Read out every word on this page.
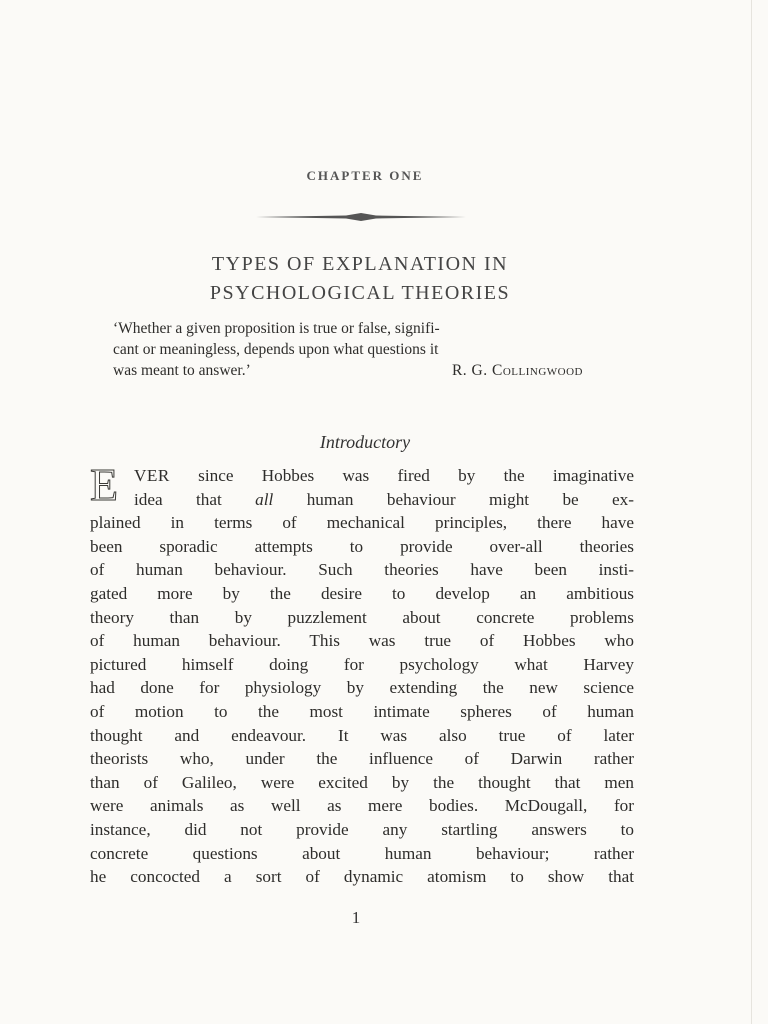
CHAPTER ONE
TYPES OF EXPLANATION IN
PSYCHOLOGICAL THEORIES
‘Whether a given proposition is true or false, signifi-
cant or meaningless, depends upon what questions it
was meant to answer.’	R. G. Collingwood
Introductory
E VER since Hobbes was fired by the imaginative
idea that all human behaviour might be ex-
plained in terms of mechanical principles, there have
been sporadic attempts to provide over-all theories
of human behaviour. Such theories have been insti-
gated more by the desire to develop an ambitious
theory than by puzzlement about concrete problems
of human behaviour. This was true of Hobbes who
pictured himself doing for psychology what Harvey
had done for physiology by extending the new science
of motion to the most intimate spheres of human
thought and endeavour. It was also true of later
theorists who, under the influence of Darwin rather
than of Galileo, were excited by the thought that men
were animals as well as mere bodies. McDougall, for
instance, did not provide any startling answers to
concrete questions about human behaviour; rather
he concocted a sort of dynamic atomism to show that
1
